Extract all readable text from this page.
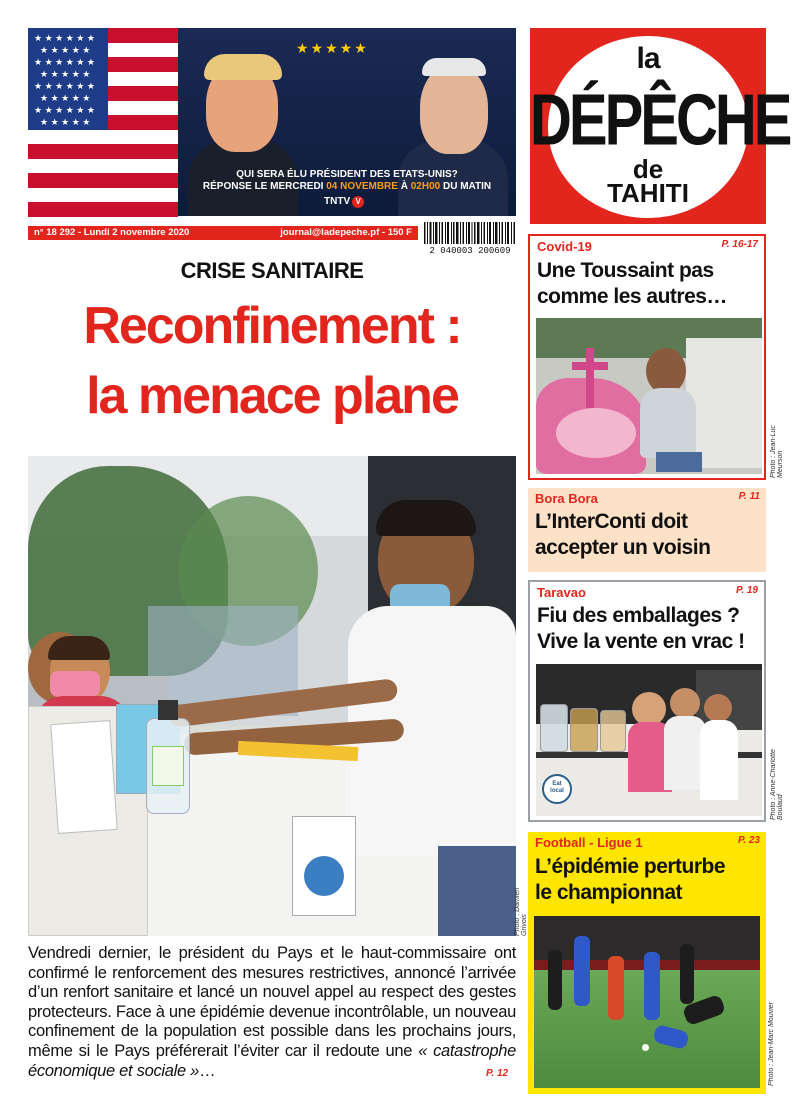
★ ★ ★ ★ ★ ★
★ ★ ★ ★ ★
★ ★ ★ ★ ★ ★
★ ★ ★ ★ ★
★ ★ ★ ★ ★ ★
★ ★ ★ ★ ★
★ ★ ★ ★ ★ ★
★ ★ ★ ★ ★
★★★★★
QUI SERA ÉLU PRÉSIDENT DES ETATS-UNIS?
RÉPONSE LE MERCREDI 04 NOVEMBRE À 02H00 DU MATIN
TNTV V
la
DÉPÊCHE
de
TAHITI
n° 18 292 - Lundi 2 novembre 2020	journal@ladepeche.pf - 150 F
2 040003 200609
CRISE SANITAIRE
Reconfinement :
la menace plane
Photo : Damien Grivois
Vendredi dernier, le président du Pays et le haut-commissaire ont confirmé le renforcement des mesures restrictives, annoncé l’arrivée d’un renfort sanitaire et lancé un nouvel appel au respect des gestes protecteurs. Face à une épidémie devenue incontrôlable, un nouveau confinement de la population est possible dans les prochains jours, même si le Pays préférerait l’éviter car il redoute une « catastrophe économique et sociale »…	P. 12
Covid-19	P. 16-17
Une Toussaint pas
comme les autres…
Photo : Jean-Luc Meurson
Bora Bora	P. 11
L’InterConti doit
accepter un voisin
Taravao	P. 19
Fiu des emballages ?
Vive la vente en vrac !
Eat local	Photo : Anne-Charlotte Boulaud
Football - Ligue 1	P. 23
L’épidémie perturbe
le championnat
Photo : Jean-Marc Mouvier
